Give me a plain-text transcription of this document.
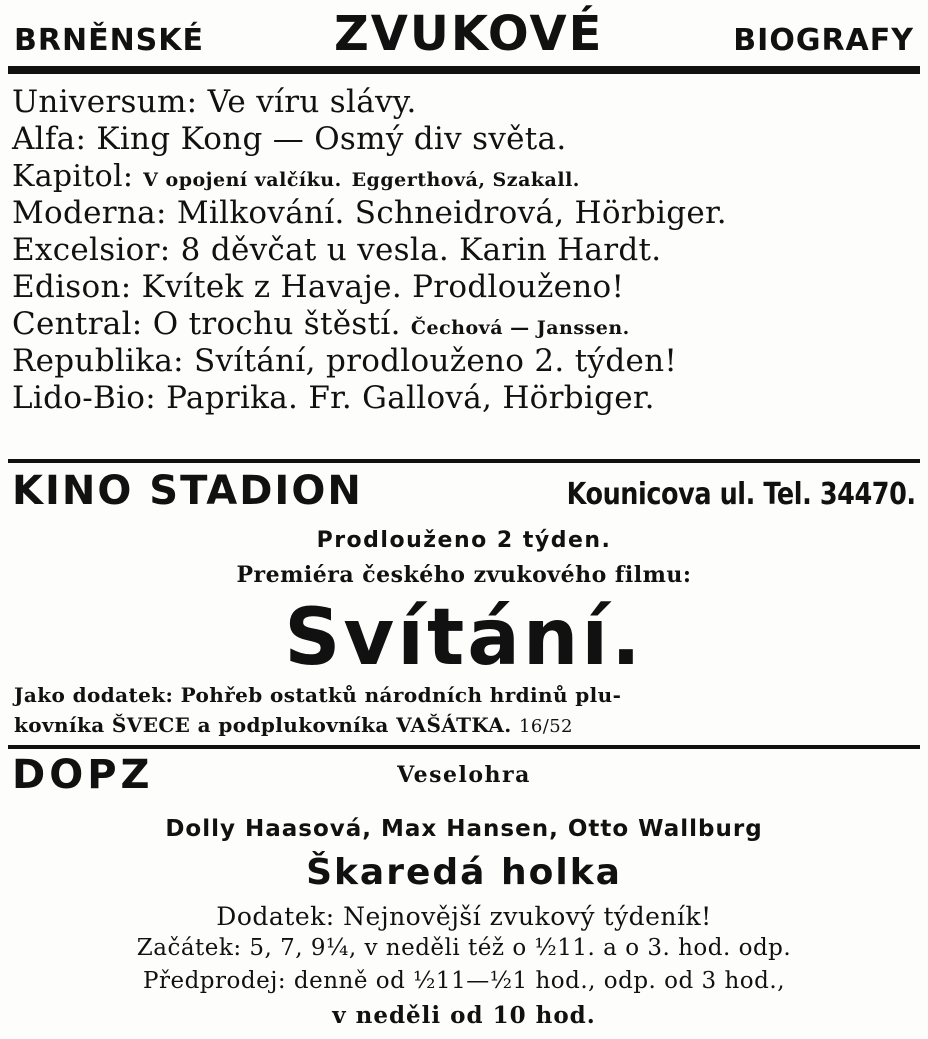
BRNĚNSKÉ	ZVUKOVÉ	BIOGRAFY
Universum: Ve víru slávy.
Alfa: King Kong — Osmý div světa.
Kapitol: V opojení valčíku. Eggerthová, Szakall.
Moderna: Milkování. Schneidrová, Hörbiger.
Excelsior: 8 děvčat u vesla. Karin Hardt.
Edison: Kvítek z Havaje. Prodlouženo!
Central: O trochu štěstí. Čechová — Janssen.
Republika: Svítání, prodlouženo 2. týden!
Lido-Bio: Paprika. Fr. Gallová, Hörbiger.
KINO STADION	Kounicova ul. Tel. 34470.
Prodlouženo 2 týden.
Premiéra českého zvukového filmu:
Svítání.
Jako dodatek: Pohřeb ostatků národních hrdinů plu-
kovníka ŠVECE a podplukovníka VAŠÁTKA. 16/52
DOPZ	Veselohra
Dolly Haasová, Max Hansen, Otto Wallburg
Škaredá holka
Dodatek: Nejnovější zvukový týdeník!
Začátek: 5, 7, 9¼, v neděli též o ½11. a o 3. hod. odp.
Předprodej: denně od ½11—½1 hod., odp. od 3 hod.,
v neděli od 10 hod.
